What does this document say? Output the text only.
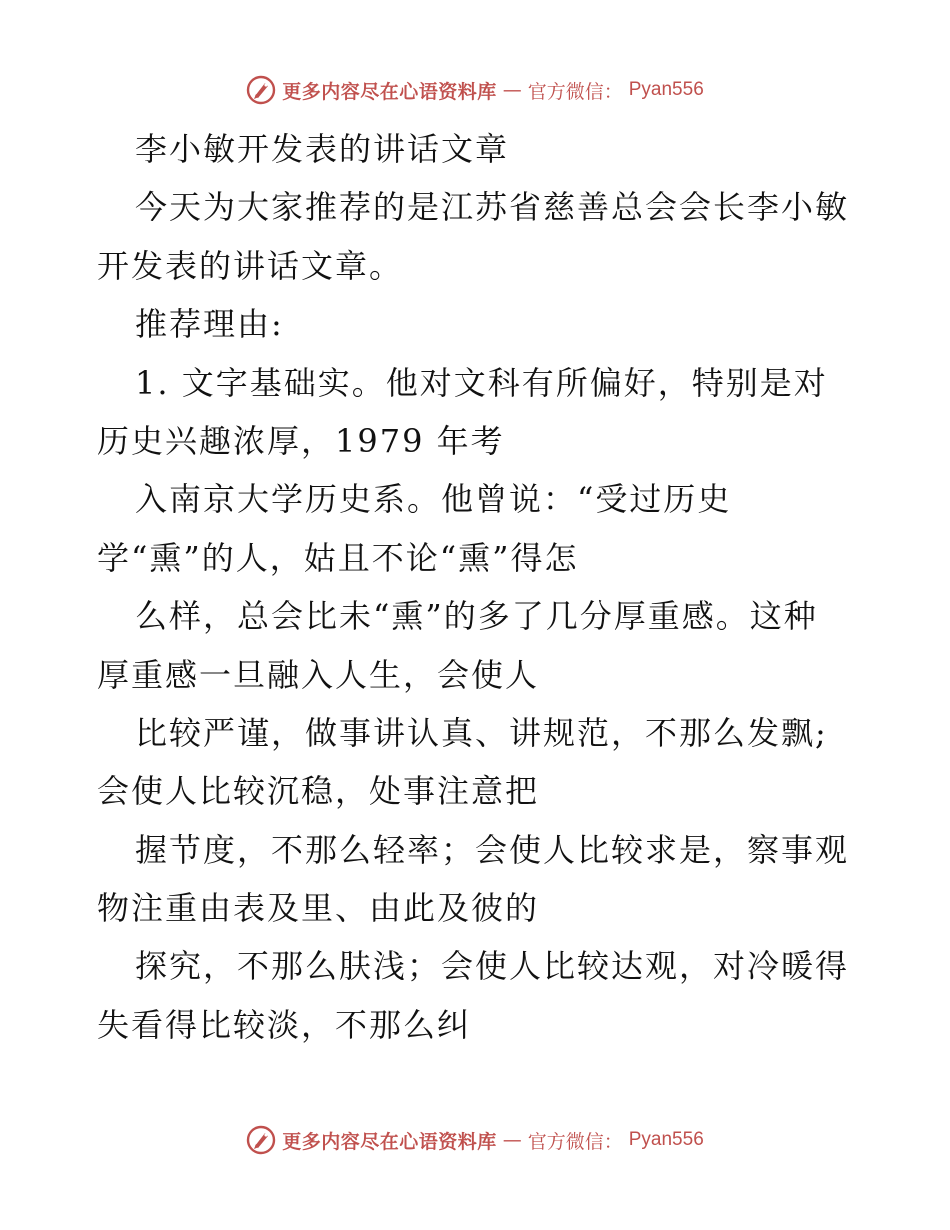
更多内容尽在心语资料库 — 官方微信： Pyan556
李小敏开发表的讲话文章
今天为大家推荐的是江苏省慈善总会会长李小敏
开发表的讲话文章。
推荐理由:
1. 文字基础实。他对文科有所偏好，特别是对
历史兴趣浓厚，1979 年考
入南京大学历史系。他曾说：“受过历史
学“熏”的人，姑且不论“熏”得怎
么样，总会比未“熏”的多了几分厚重感。这种
厚重感一旦融入人生，会使人
比较严谨，做事讲认真、讲规范，不那么发飘;
会使人比较沉稳，处事注意把
握节度，不那么轻率；会使人比较求是，察事观
物注重由表及里、由此及彼的
探究，不那么肤浅；会使人比较达观，对冷暖得
失看得比较淡，不那么纠
更多内容尽在心语资料库 — 官方微信： Pyan556
